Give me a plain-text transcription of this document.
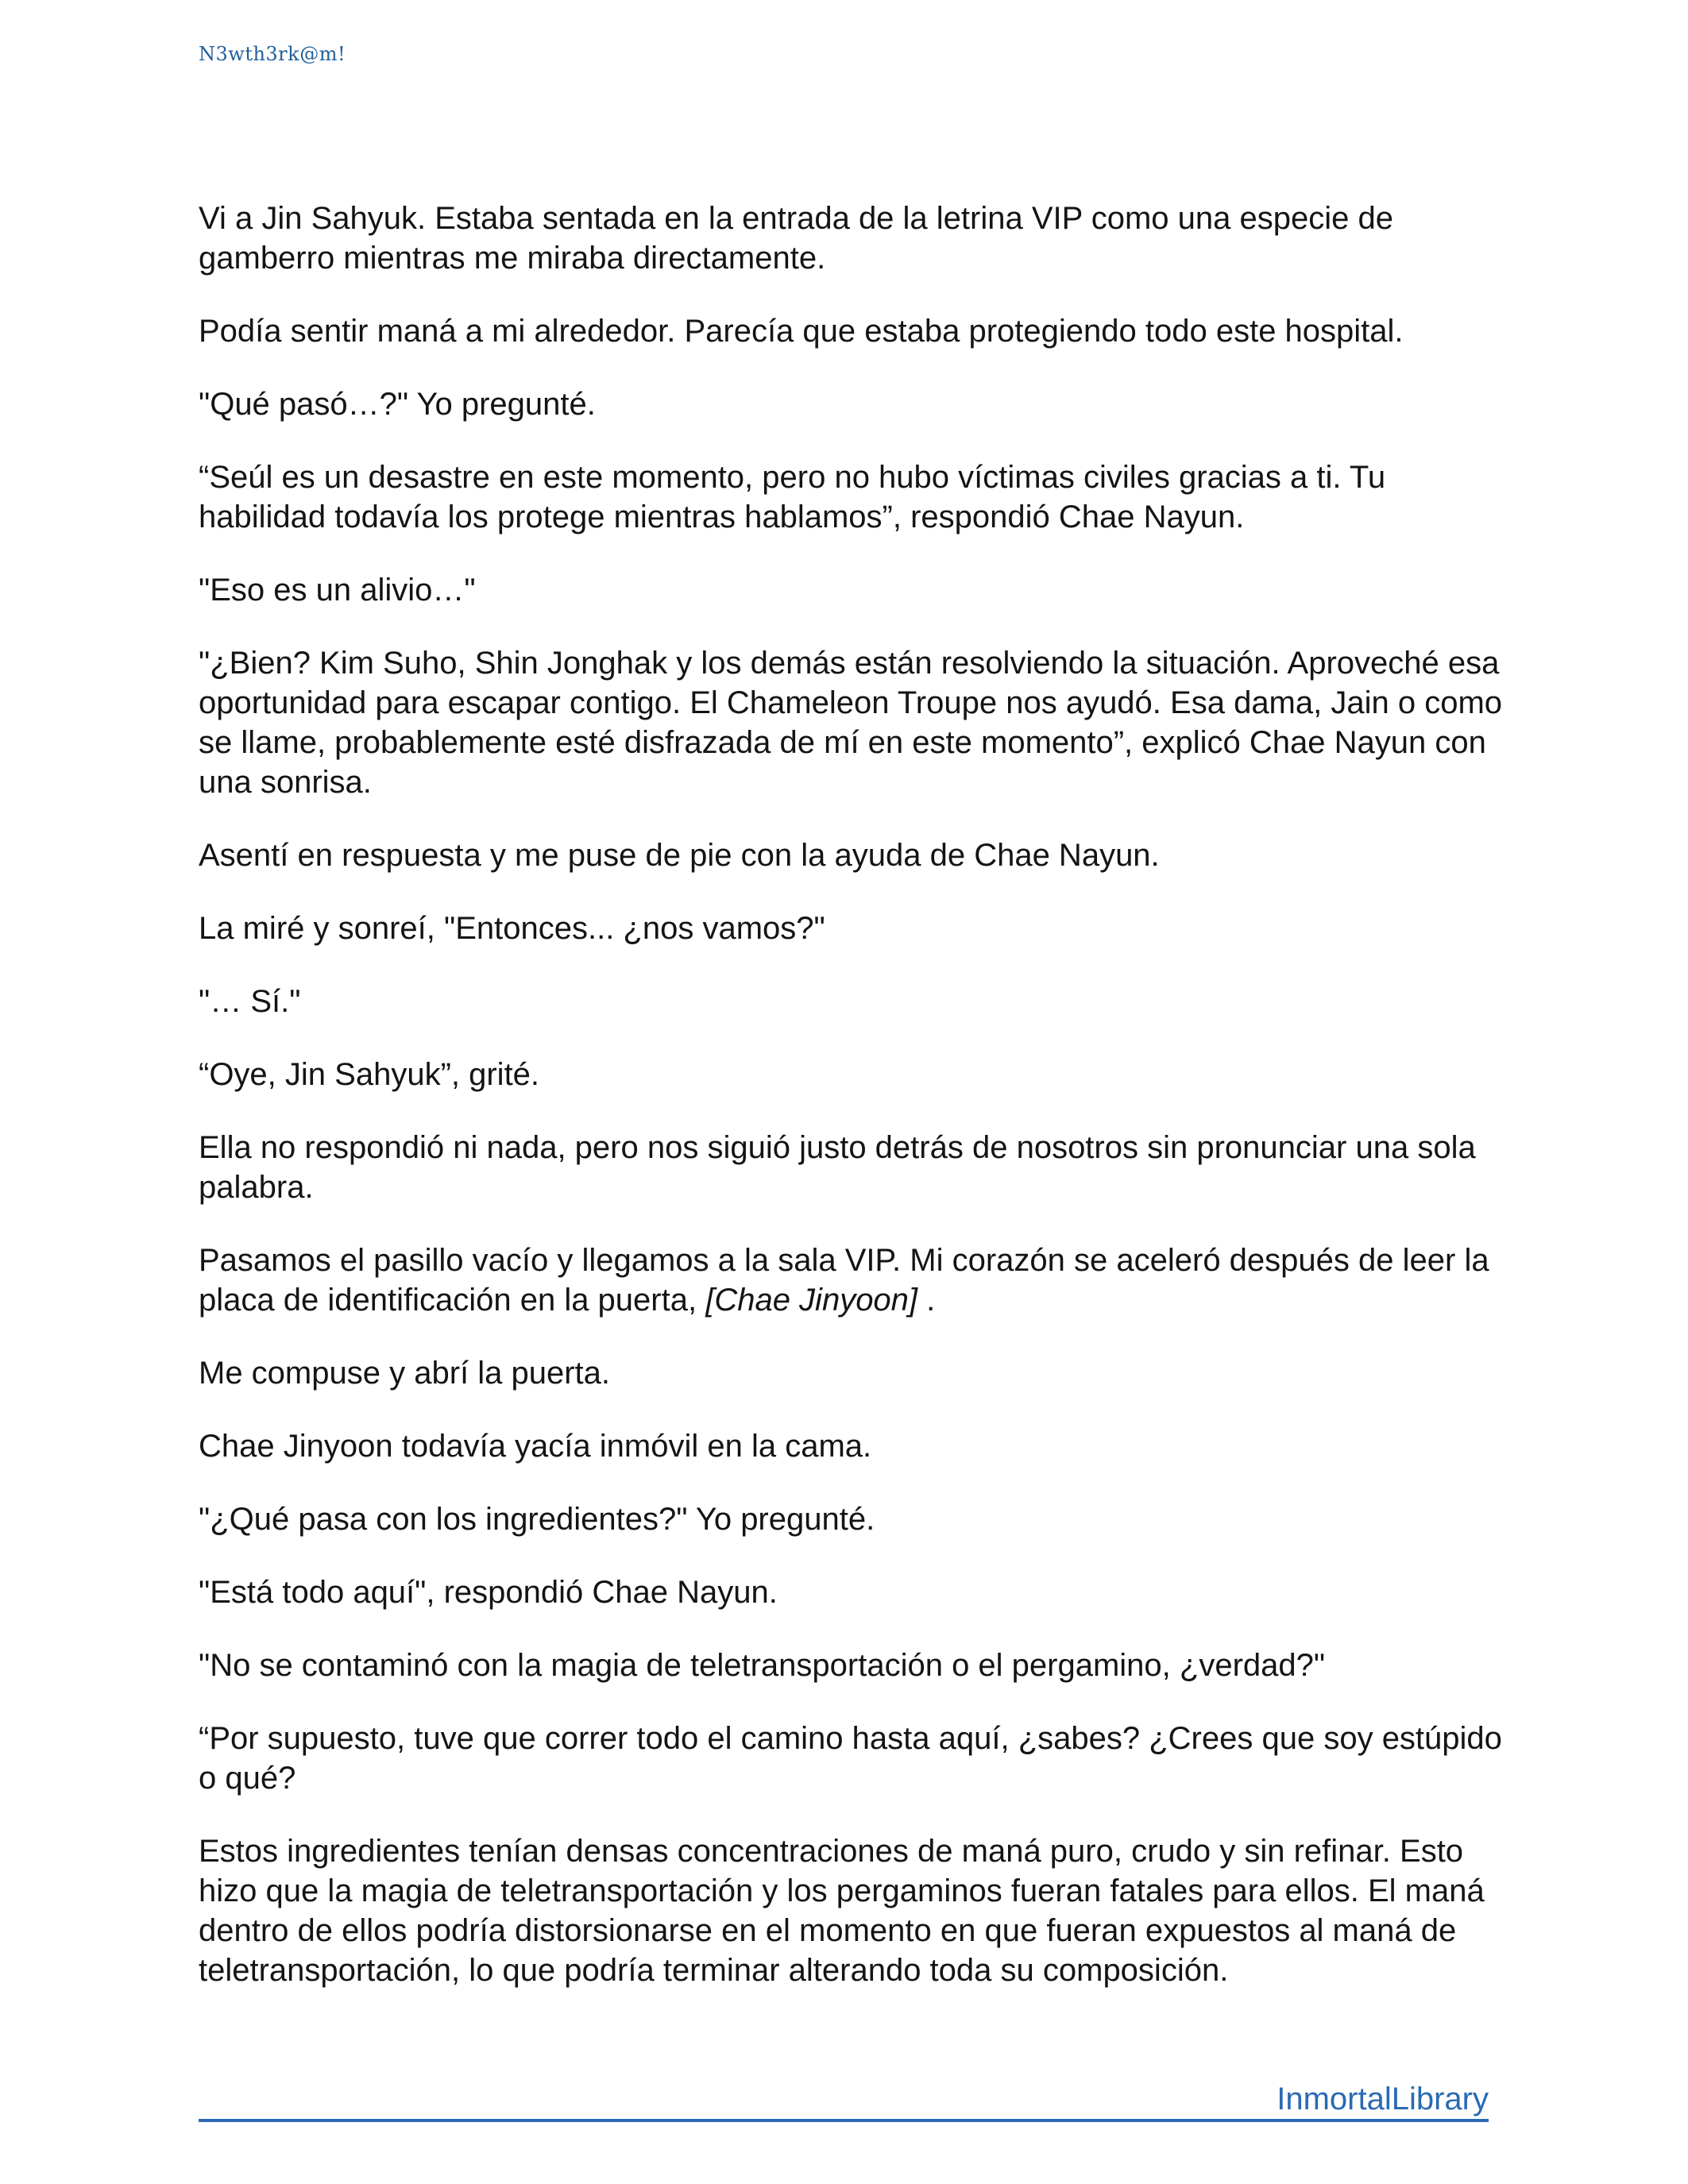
N3wth3rk@m!

Vi a Jin Sahyuk. Estaba sentada en la entrada de la letrina VIP como una especie de gamberro mientras me miraba directamente.

Podía sentir maná a mi alrededor. Parecía que estaba protegiendo todo este hospital.

"Qué pasó…?" Yo pregunté.

“Seúl es un desastre en este momento, pero no hubo víctimas civiles gracias a ti. Tu habilidad todavía los protege mientras hablamos”, respondió Chae Nayun.

"Eso es un alivio…"

"¿Bien? Kim Suho, Shin Jonghak y los demás están resolviendo la situación. Aproveché esa oportunidad para escapar contigo. El Chameleon Troupe nos ayudó. Esa dama, Jain o como se llame, probablemente esté disfrazada de mí en este momento”, explicó Chae Nayun con una sonrisa.

Asentí en respuesta y me puse de pie con la ayuda de Chae Nayun.

La miré y sonreí, "Entonces... ¿nos vamos?"

"… Sí."

“Oye, Jin Sahyuk”, grité.

Ella no respondió ni nada, pero nos siguió justo detrás de nosotros sin pronunciar una sola palabra.

Pasamos el pasillo vacío y llegamos a la sala VIP. Mi corazón se aceleró después de leer la placa de identificación en la puerta, [Chae Jinyoon] .

Me compuse y abrí la puerta.

Chae Jinyoon todavía yacía inmóvil en la cama.

"¿Qué pasa con los ingredientes?" Yo pregunté.

"Está todo aquí", respondió Chae Nayun.

"No se contaminó con la magia de teletransportación o el pergamino, ¿verdad?"

“Por supuesto, tuve que correr todo el camino hasta aquí, ¿sabes? ¿Crees que soy estúpido o qué?

Estos ingredientes tenían densas concentraciones de maná puro, crudo y sin refinar. Esto hizo que la magia de teletransportación y los pergaminos fueran fatales para ellos. El maná dentro de ellos podría distorsionarse en el momento en que fueran expuestos al maná de teletransportación, lo que podría terminar alterando toda su composición.

InmortalLibrary
